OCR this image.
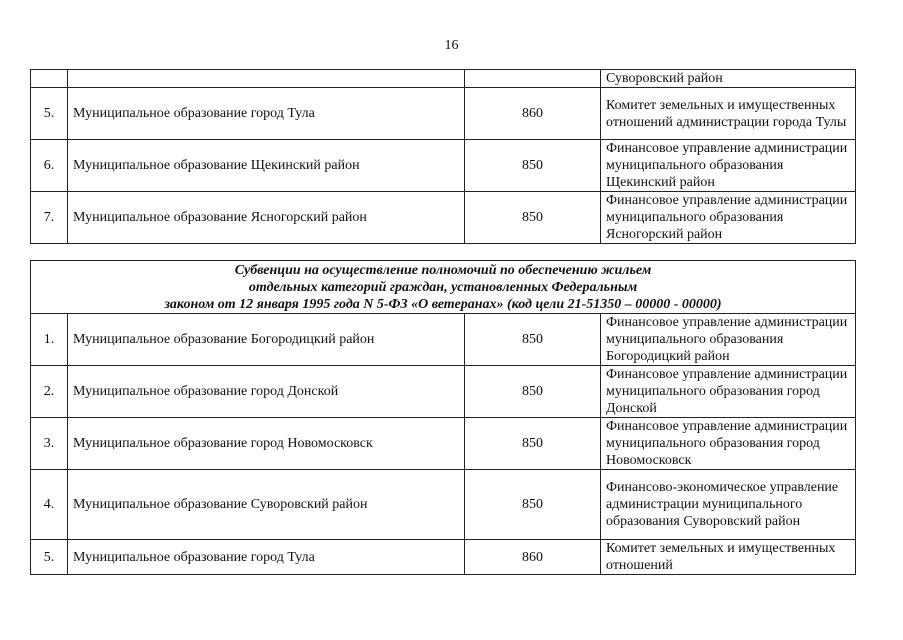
16
			Суворовский район
5.	Муниципальное образование город Тула	860	Комитет земельных и имущественных отношений администрации города Тулы
6.	Муниципальное образование Щекинский район	850	Финансовое управление администрации муниципального образования Щекинский район
7.	Муниципальное образование Ясногорский район	850	Финансовое управление администрации муниципального образования Ясногорский район
Субвенции на осуществление полномочий по обеспечению жильем
отдельных категорий граждан, установленных Федеральным
законом от 12 января 1995 года N 5-ФЗ «О ветеранах» (код цели 21-51350 – 00000 - 00000)			

1.	Муниципальное образование Богородицкий район	850	Финансовое управление администрации муниципального образования Богородицкий район
2.	Муниципальное образование город Донской	850	Финансовое управление администрации муниципального образования город Донской
3.	Муниципальное образование город Новомосковск	850	Финансовое управление администрации муниципального образования город Новомосковск
4.	Муниципальное образование Суворовский район	850	Финансово-экономическое управление администрации муниципального образования Суворовский район
5.	Муниципальное образование город Тула	860	Комитет земельных и имущественных отношений
